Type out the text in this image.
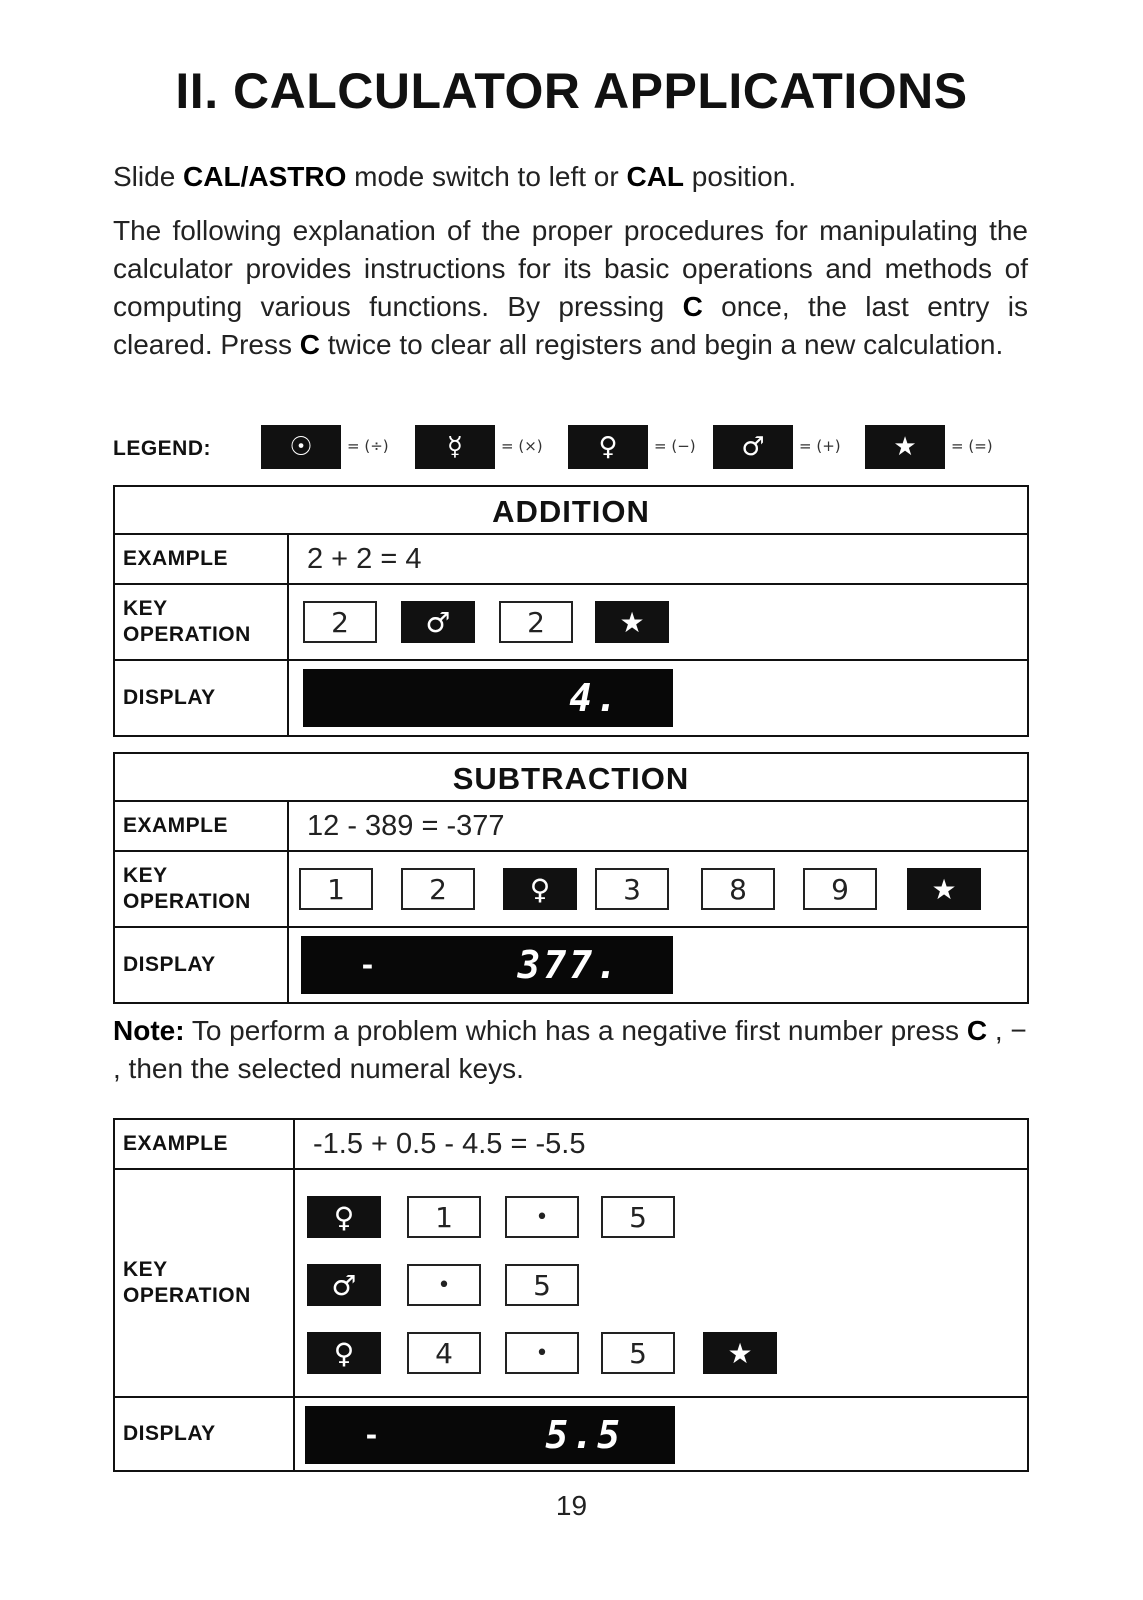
II. CALCULATOR APPLICATIONS

Slide CAL/ASTRO mode switch to left or CAL position.

The following explanation of the proper procedures for manipulating the calculator provides instructions for its basic operations and methods of computing various functions. By pressing C once, the last entry is cleared. Press C twice to clear all registers and begin a new calculation.

LEGEND:	☉	= (÷)	☿	= (×)	♀	= (−)	♂	= (+)	★	= (=)
ADDITION
EXAMPLE	2 + 2 = 4
KEY
OPERATION	2	♂	2	★
DISPLAY	4.
SUBTRACTION
EXAMPLE	12 - 389 = -377
KEY
OPERATION	1	2	♀	3	8	9	★
DISPLAY	-	377.

Note: To perform a problem which has a negative first number press C , − , then the selected numeral keys.

EXAMPLE	-1.5 + 0.5 - 4.5 = -5.5
KEY
OPERATION
♀	1	•	5
♂	•	5
♀	4	•	5	★
DISPLAY	-	5.5
19
